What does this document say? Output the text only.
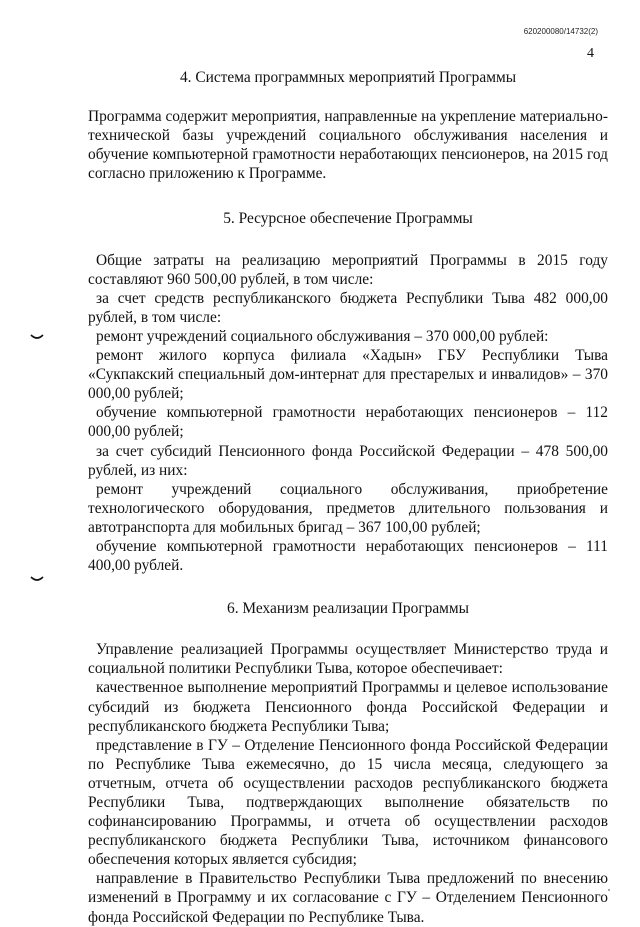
620200080/14732(2)
4

4. Система программных мероприятий Программы

Программа содержит мероприятия, направленные на укрепление материально-технической базы учреждений социального обслуживания населения и обучение компьютерной грамотности неработающих пенсионеров, на 2015 год согласно приложению к Программе.

5. Ресурсное обеспечение Программы

Общие затраты на реализацию мероприятий Программы в 2015 году составляют 960 500,00 рублей, в том числе:

за счет средств республиканского бюджета Республики Тыва 482 000,00 рублей, в том числе:

ремонт учреждений социального обслуживания – 370 000,00 рублей:

ремонт жилого корпуса филиала «Хадын» ГБУ Республики Тыва «Сукпакский специальный дом-интернат для престарелых и инвалидов» – 370 000,00 рублей;

обучение компьютерной грамотности неработающих пенсионеров – 112 000,00 рублей;

за счет субсидий Пенсионного фонда Российской Федерации – 478 500,00 рублей, из них:

ремонт учреждений социального обслуживания, приобретение технологического оборудования, предметов длительного пользования и автотранспорта для мобильных бригад – 367 100,00 рублей;

обучение компьютерной грамотности неработающих пенсионеров – 111 400,00 рублей.

6. Механизм реализации Программы

Управление реализацией Программы осуществляет Министерство труда и социальной политики Республики Тыва, которое обеспечивает:

качественное выполнение мероприятий Программы и целевое использование субсидий из бюджета Пенсионного фонда Российской Федерации и республиканского бюджета Республики Тыва;

представление в ГУ – Отделение Пенсионного фонда Российской Федерации по Республике Тыва ежемесячно, до 15 числа месяца, следующего за отчетным, отчета об осуществлении расходов республиканского бюджета Республики Тыва, подтверждающих выполнение обязательств по софинансированию Программы, и отчета об осуществлении расходов республиканского бюджета Республики Тыва, источником финансового обеспечения которых является субсидия;

направление в Правительство Республики Тыва предложений по внесению изменений в Программу и их согласование с ГУ – Отделением Пенсионного фонда Российской Федерации по Республике Тыва.
